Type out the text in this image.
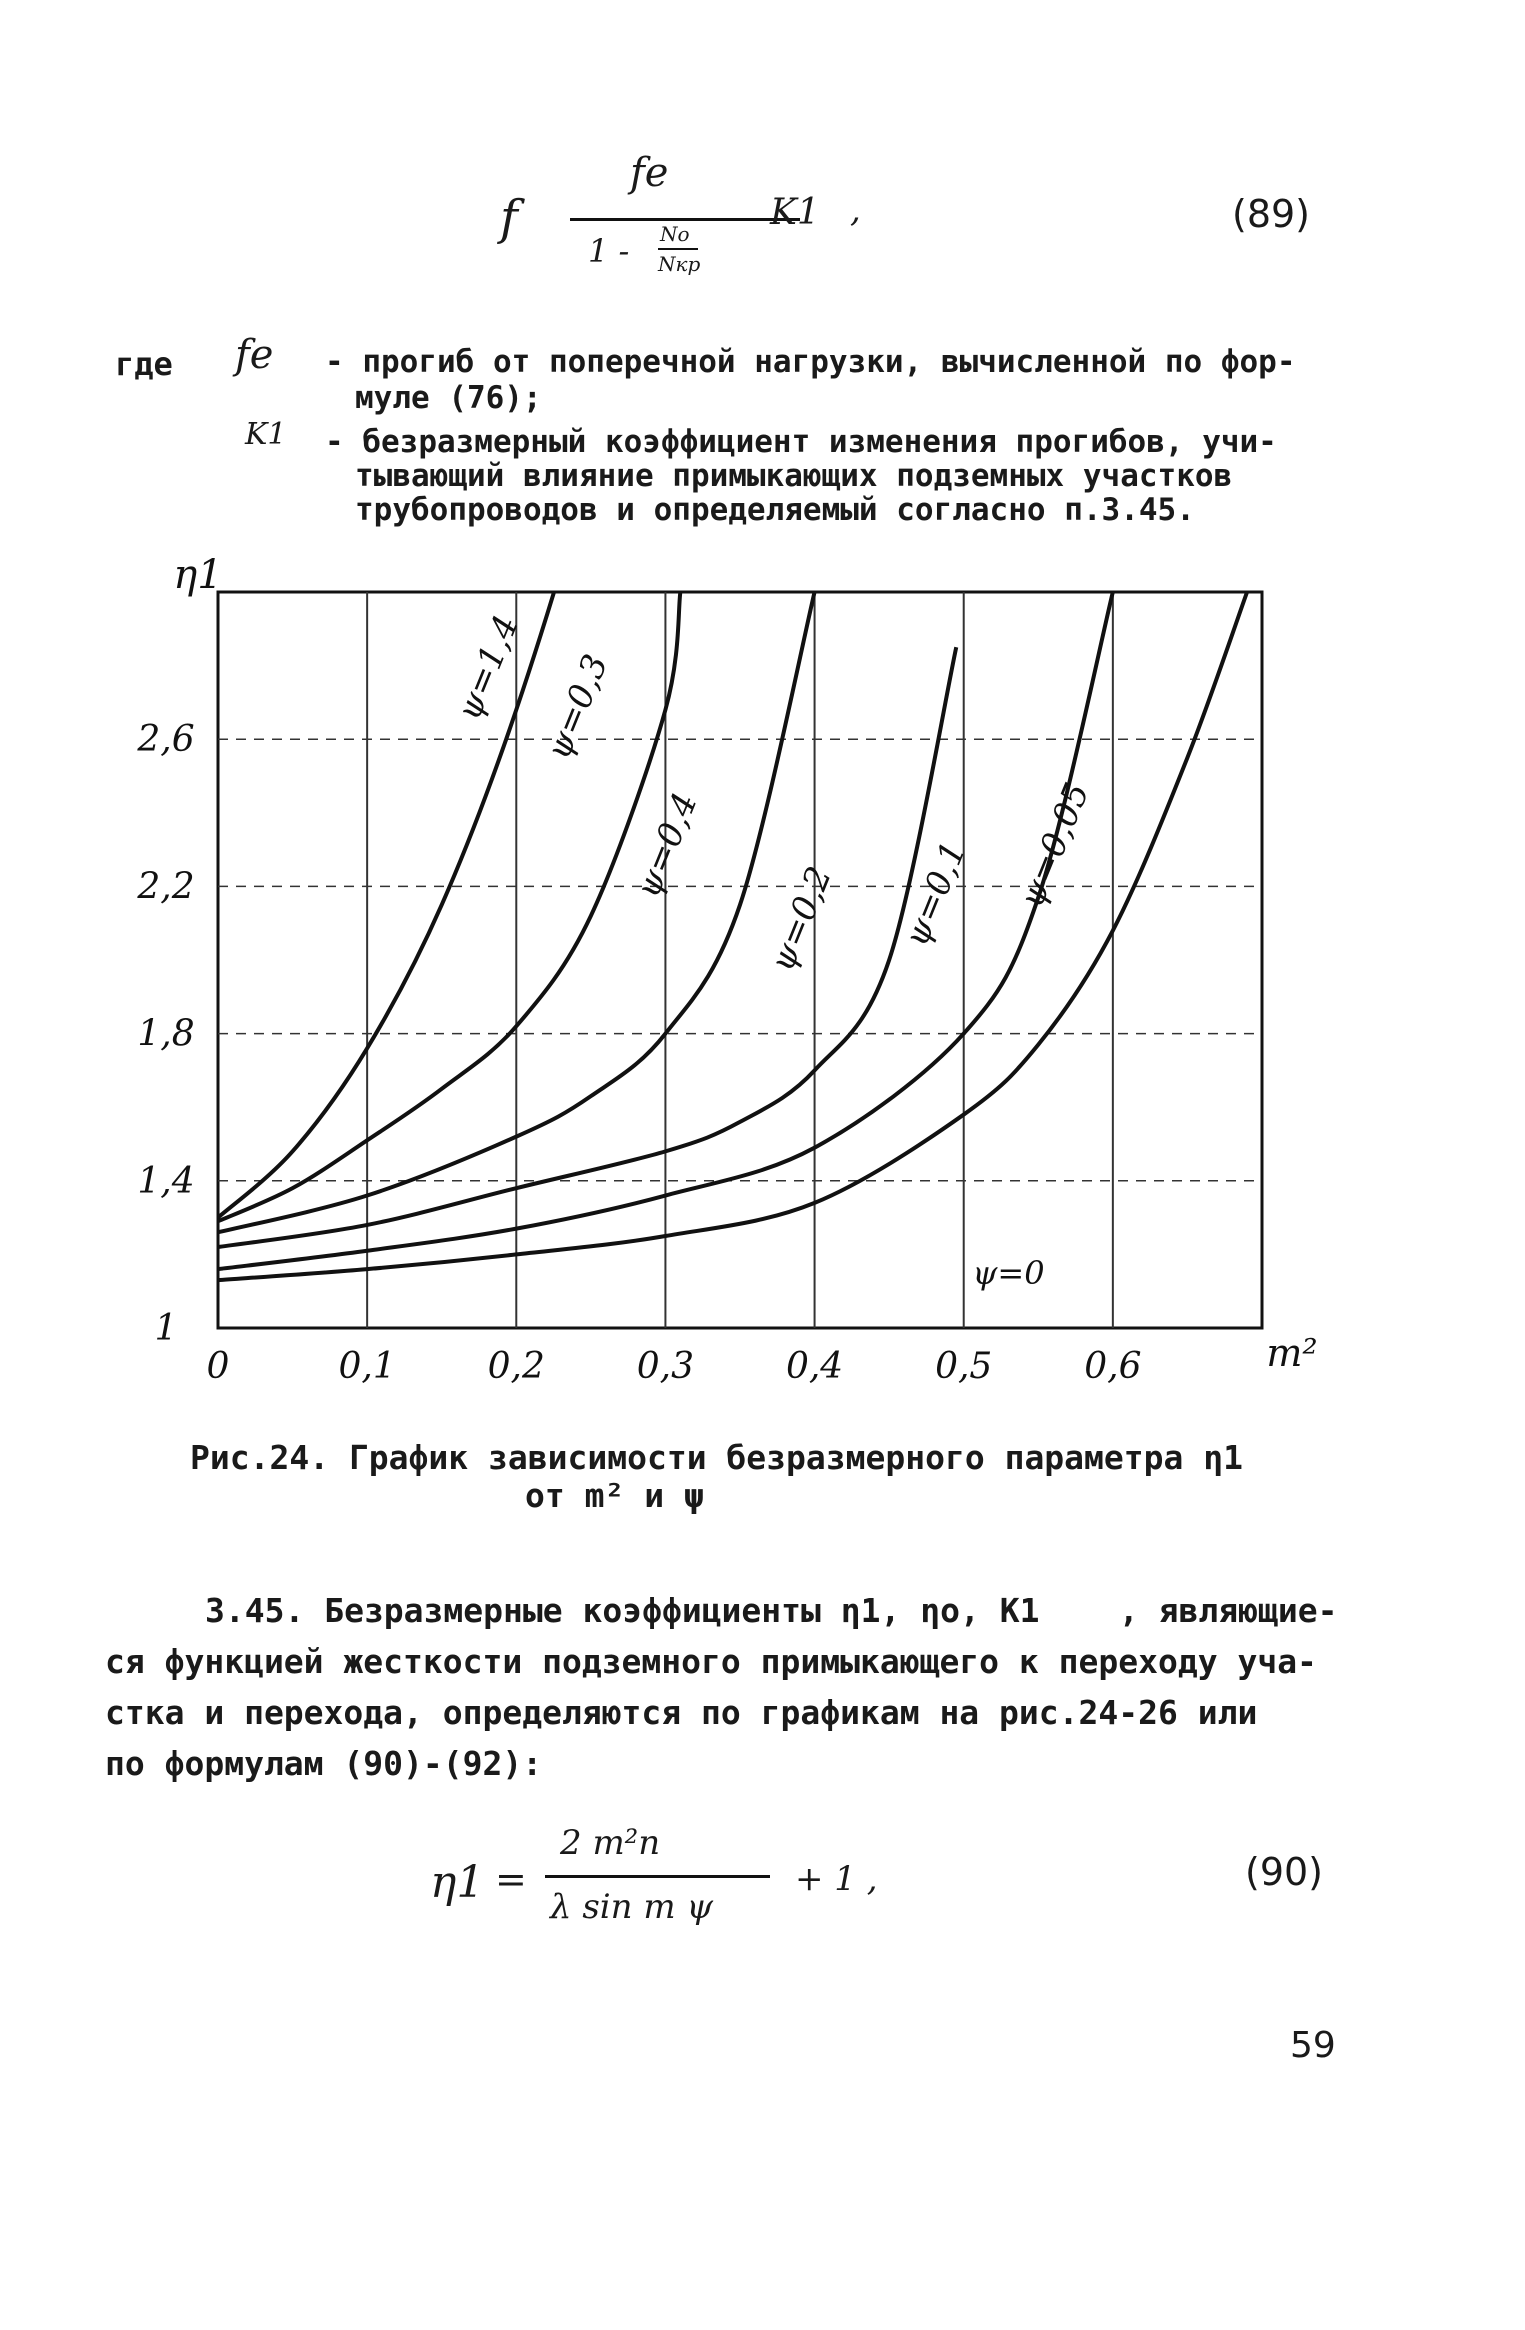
f
fe
1 - Nо
Nкр
K1 ,	(89)
где fe - прогиб от поперечной нагрузки, вычисленной по фор-
муле (76);
K1 - безразмерный коэффициент изменения прогибов, учи-
тывающий влияние примыкающих подземных участков
трубопроводов и определяемый согласно п.3.45.
ψ=1,4 ψ=0,3
ψ=0,4
ψ=0,2 ψ=0,1 ψ=0,05
ψ=0
0	0,1	0,2	0,3	0,4	0,5	0,6
1
1,4
1,8
2,2
2,6
m²
η1
Рис.24. График зависимости безразмерного параметра η1
от m² и ψ
3.45. Безразмерные коэффициенты η1, ηо, K1    , являющие-
ся функцией жесткости подземного примыкающего к переходу уча-
стка и перехода, определяются по графикам на рис.24-26 или
по формулам (90)-(92):
η1 =
2 m²n
λ sin m ψ
+ 1 ,	(90)
59
